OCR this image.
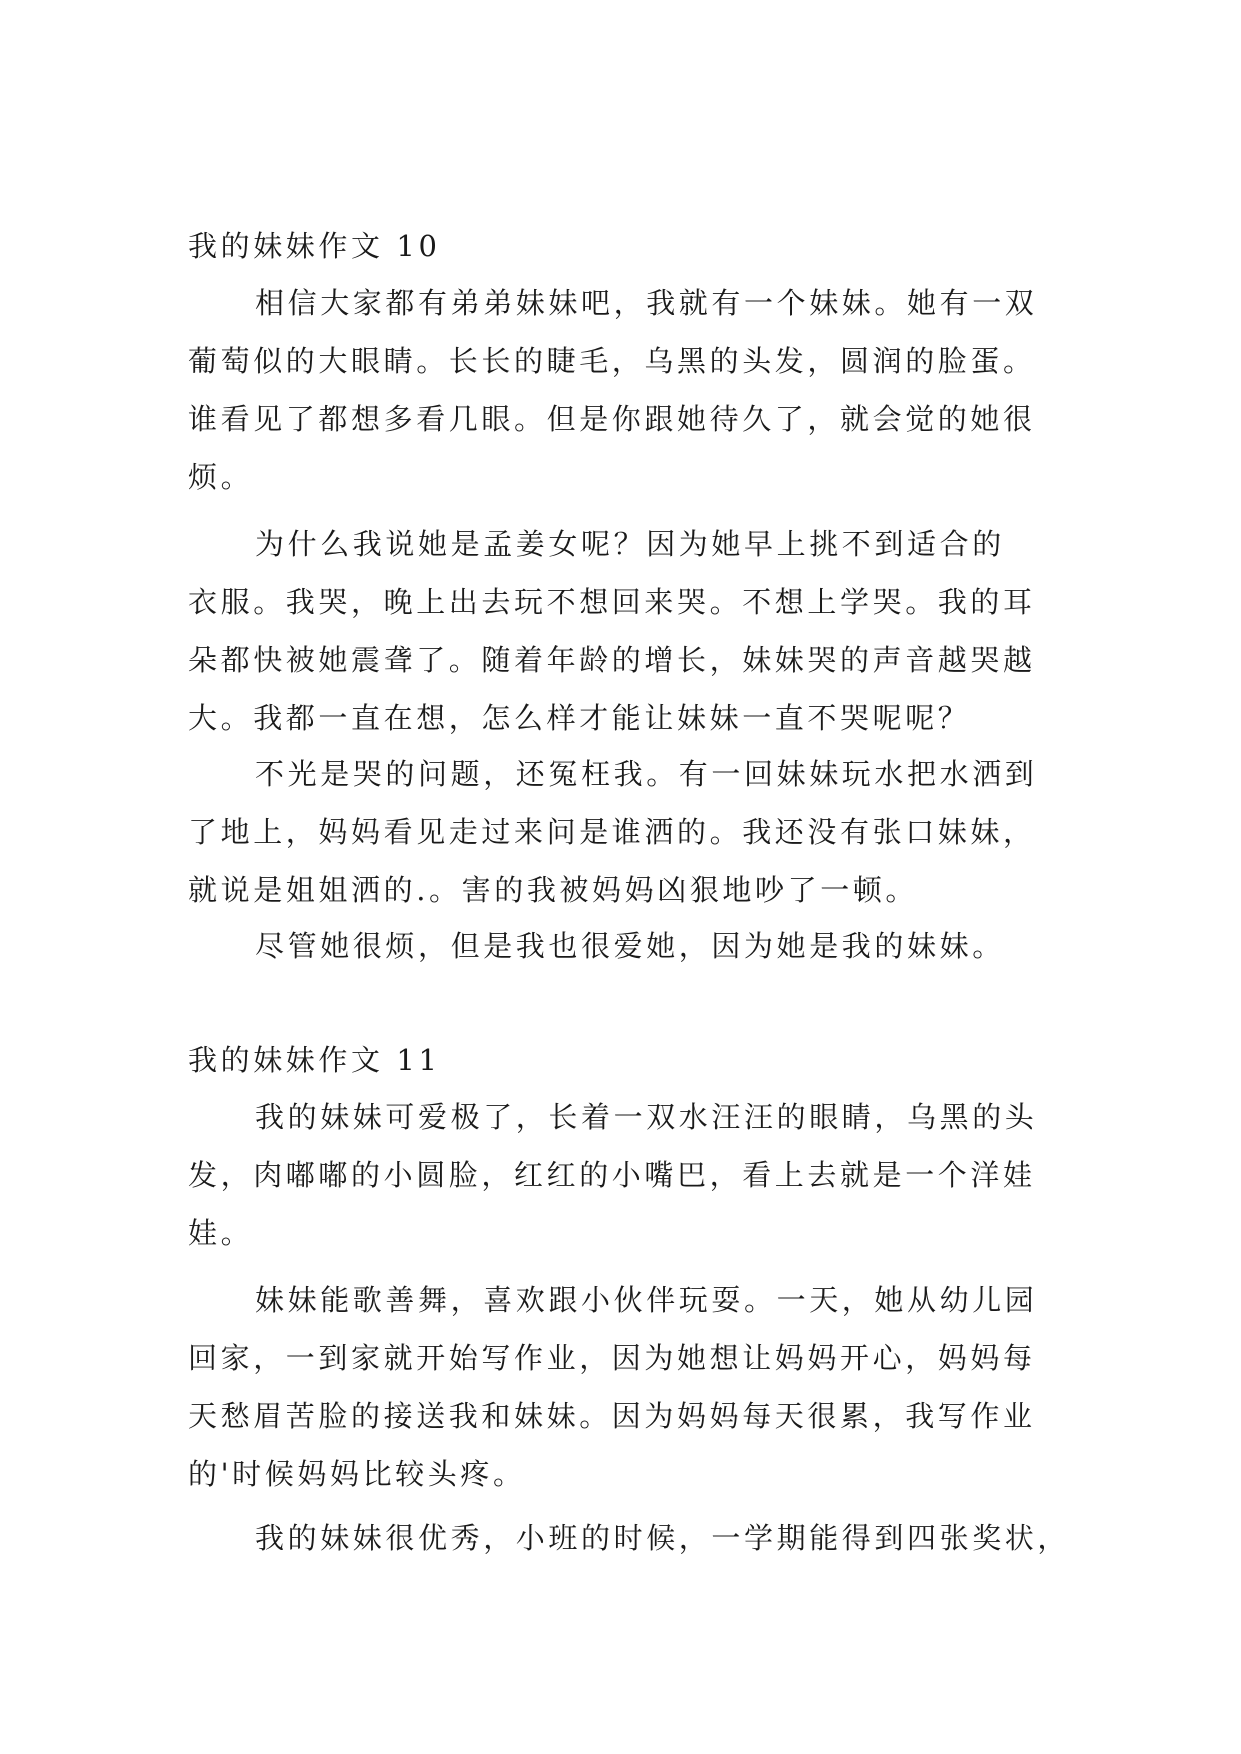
我的妹妹作文 10
相信大家都有弟弟妹妹吧，我就有一个妹妹。她有一双
葡萄似的大眼睛。长长的睫毛，乌黑的头发，圆润的脸蛋。
谁看见了都想多看几眼。但是你跟她待久了，就会觉的她很
烦。
为什么我说她是孟姜女呢？因为她早上挑不到适合的
衣服。我哭，晚上出去玩不想回来哭。不想上学哭。我的耳
朵都快被她震聋了。随着年龄的增长，妹妹哭的声音越哭越
大。我都一直在想，怎么样才能让妹妹一直不哭呢呢？
不光是哭的问题，还冤枉我。有一回妹妹玩水把水洒到
了地上，妈妈看见走过来问是谁洒的。我还没有张口妹妹，
就说是姐姐洒的.。害的我被妈妈凶狠地吵了一顿。
尽管她很烦，但是我也很爱她，因为她是我的妹妹。
我的妹妹作文 11
我的妹妹可爱极了，长着一双水汪汪的眼睛，乌黑的头
发，肉嘟嘟的小圆脸，红红的小嘴巴，看上去就是一个洋娃
娃。
妹妹能歌善舞，喜欢跟小伙伴玩耍。一天，她从幼儿园
回家，一到家就开始写作业，因为她想让妈妈开心，妈妈每
天愁眉苦脸的接送我和妹妹。因为妈妈每天很累，我写作业
的'时候妈妈比较头疼。
我的妹妹很优秀，小班的时候，一学期能得到四张奖状，
